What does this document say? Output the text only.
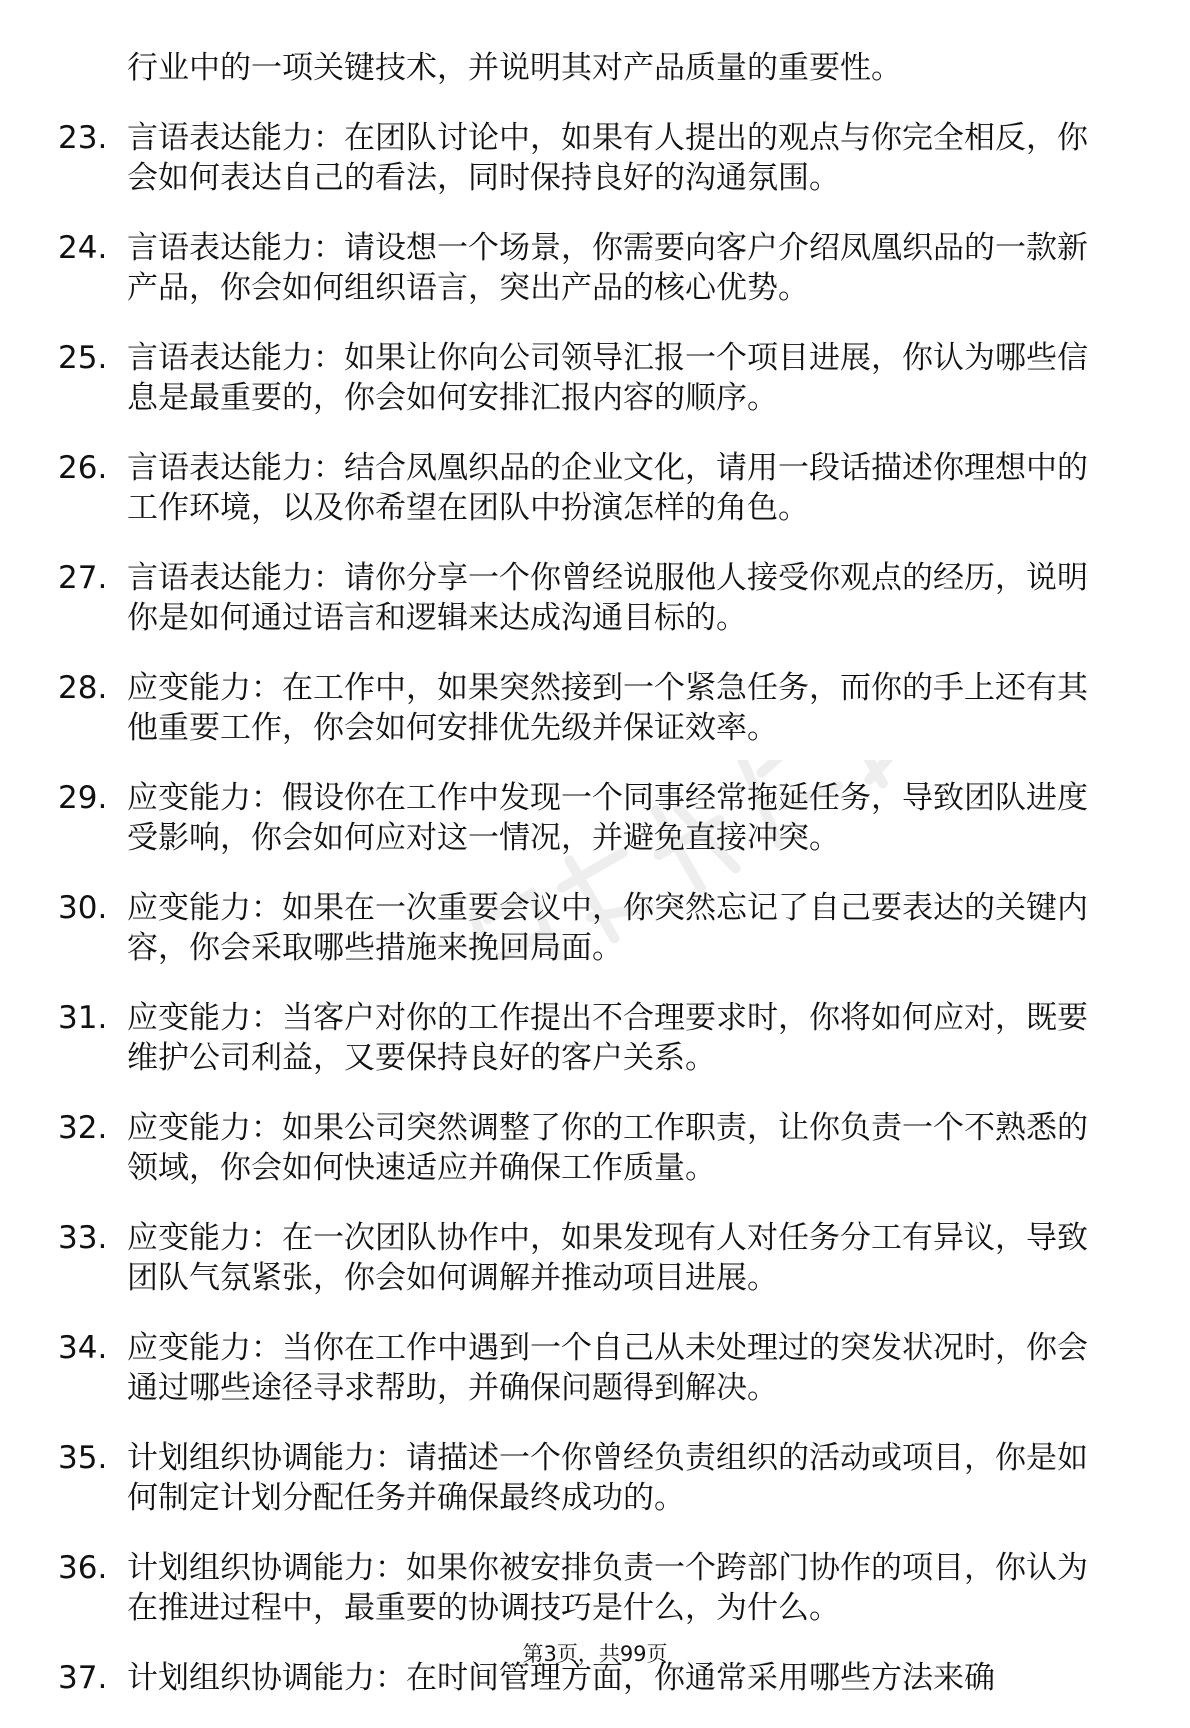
行业中的一项关键技术，并说明其对产品质量的重要性。
23. 言语表达能力：在团队讨论中，如果有人提出的观点与你完全相反，你会如何表达自己的看法，同时保持良好的沟通氛围。
24. 言语表达能力：请设想一个场景，你需要向客户介绍凤凰织品的一款新产品，你会如何组织语言，突出产品的核心优势。
25. 言语表达能力：如果让你向公司领导汇报一个项目进展，你认为哪些信息是最重要的，你会如何安排汇报内容的顺序。
26. 言语表达能力：结合凤凰织品的企业文化，请用一段话描述你理想中的工作环境，以及你希望在团队中扮演怎样的角色。
27. 言语表达能力：请你分享一个你曾经说服他人接受你观点的经历，说明你是如何通过语言和逻辑来达成沟通目标的。
28. 应变能力：在工作中，如果突然接到一个紧急任务，而你的手上还有其他重要工作，你会如何安排优先级并保证效率。
29. 应变能力：假设你在工作中发现一个同事经常拖延任务，导致团队进度受影响，你会如何应对这一情况，并避免直接冲突。
30. 应变能力：如果在一次重要会议中，你突然忘记了自己要表达的关键内容，你会采取哪些措施来挽回局面。
31. 应变能力：当客户对你的工作提出不合理要求时，你将如何应对，既要维护公司利益，又要保持良好的客户关系。
32. 应变能力：如果公司突然调整了你的工作职责，让你负责一个不熟悉的领域，你会如何快速适应并确保工作质量。
33. 应变能力：在一次团队协作中，如果发现有人对任务分工有异议，导致团队气氛紧张，你会如何调解并推动项目进展。
34. 应变能力：当你在工作中遇到一个自己从未处理过的突发状况时，你会通过哪些途径寻求帮助，并确保问题得到解决。
35. 计划组织协调能力：请描述一个你曾经负责组织的活动或项目，你是如何制定计划分配任务并确保最终成功的。
36. 计划组织协调能力：如果你被安排负责一个跨部门协作的项目，你认为在推进过程中，最重要的协调技巧是什么，为什么。
37. 计划组织协调能力：在时间管理方面，你通常采用哪些方法来确
第3页，共99页
